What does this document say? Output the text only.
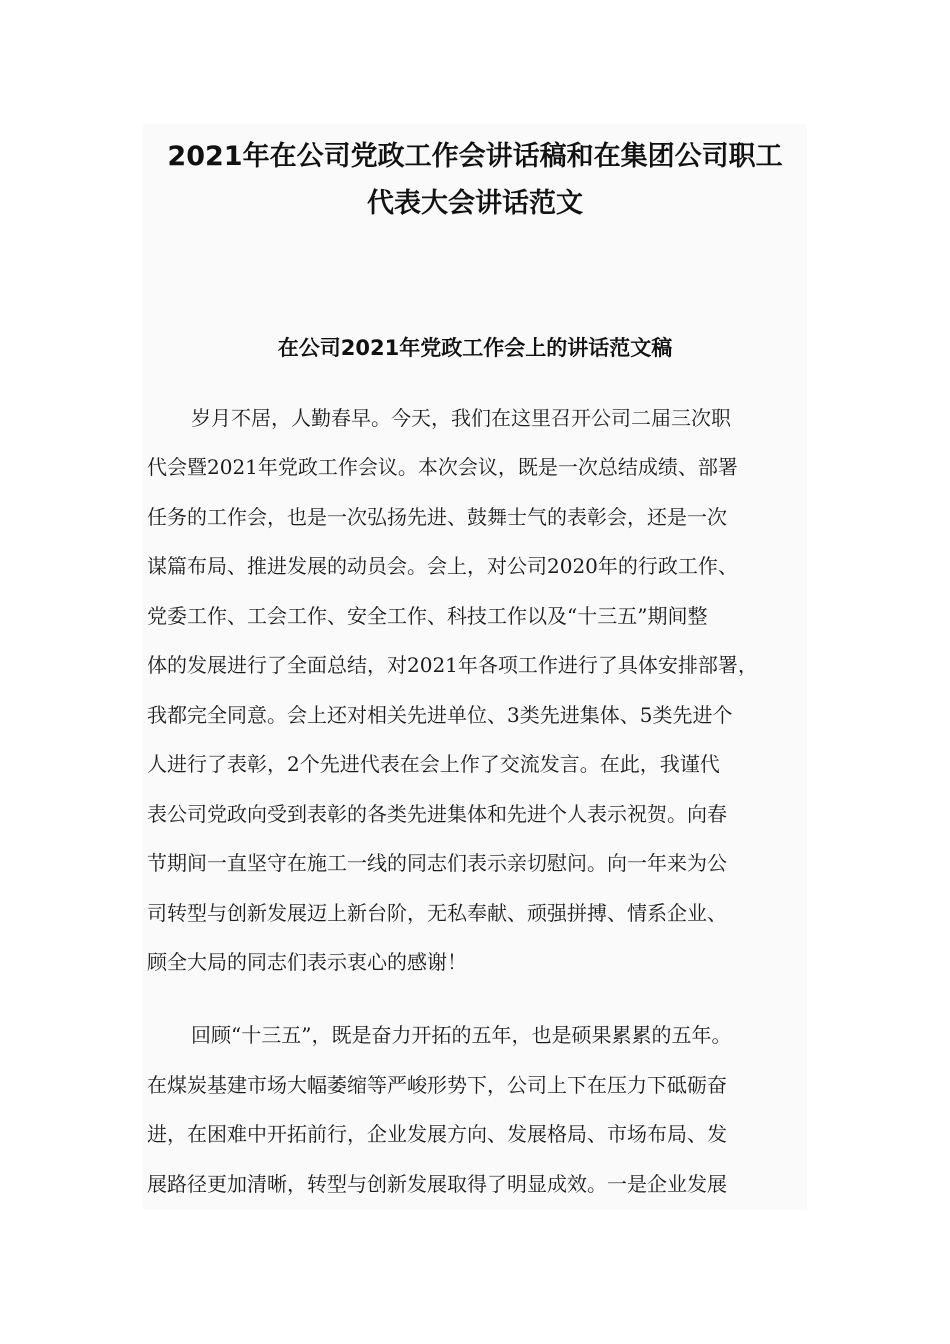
2021年在公司党政工作会讲话稿和在集团公司职工
代表大会讲话范文
在公司2021年党政工作会上的讲话范文稿
岁月不居，人勤春早。今天，我们在这里召开公司二届三次职
代会暨2021年党政工作会议。本次会议，既是一次总结成绩、部署
任务的工作会，也是一次弘扬先进、鼓舞士气的表彰会，还是一次
谋篇布局、推进发展的动员会。会上，对公司2020年的行政工作、
党委工作、工会工作、安全工作、科技工作以及“十三五”期间整
体的发展进行了全面总结，对2021年各项工作进行了具体安排部署，
我都完全同意。会上还对相关先进单位、3类先进集体、5类先进个
人进行了表彰，2个先进代表在会上作了交流发言。在此，我谨代
表公司党政向受到表彰的各类先进集体和先进个人表示祝贺。向春
节期间一直坚守在施工一线的同志们表示亲切慰问。向一年来为公
司转型与创新发展迈上新台阶，无私奉献、顽强拼搏、情系企业、
顾全大局的同志们表示衷心的感谢！
回顾“十三五”，既是奋力开拓的五年，也是硕果累累的五年。
在煤炭基建市场大幅萎缩等严峻形势下，公司上下在压力下砥砺奋
进，在困难中开拓前行，企业发展方向、发展格局、市场布局、发
展路径更加清晰，转型与创新发展取得了明显成效。一是企业发展
